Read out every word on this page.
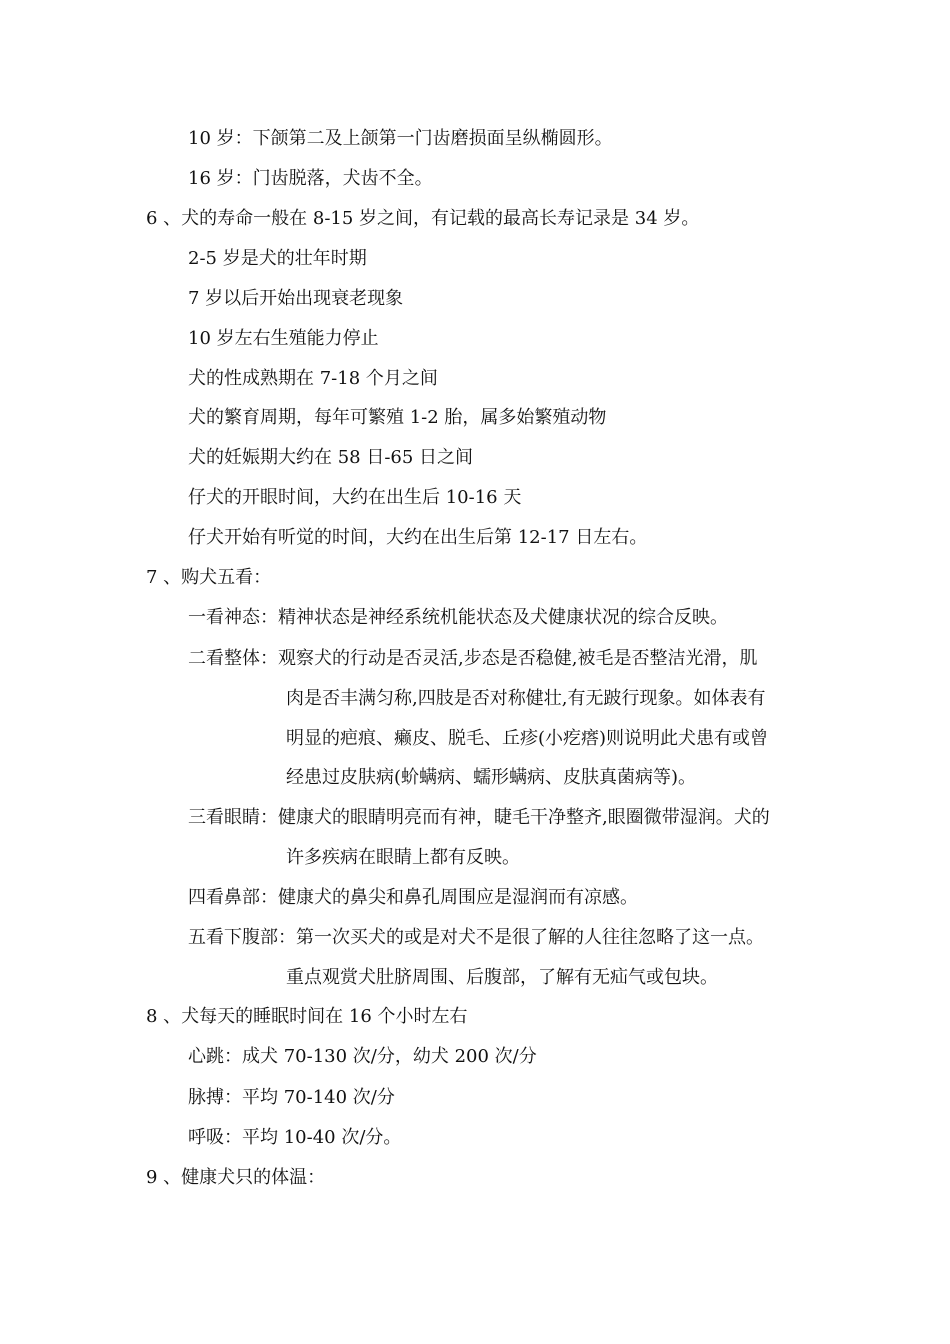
10 岁：下颌第二及上颌第一门齿磨损面呈纵椭圆形。
16 岁：门齿脱落，犬齿不全。
6 、犬的寿命一般在 8-15 岁之间，有记载的最高长寿记录是 34 岁。
2-5 岁是犬的壮年时期
7 岁以后开始出现衰老现象
10 岁左右生殖能力停止
犬的性成熟期在 7-18 个月之间
犬的繁育周期，每年可繁殖 1-2 胎，属多始繁殖动物
犬的妊娠期大约在 58 日-65 日之间
仔犬的开眼时间，大约在出生后 10-16 天
仔犬开始有听觉的时间，大约在出生后第 12-17 日左右。
7 、购犬五看：
一看神态：精神状态是神经系统机能状态及犬健康状况的综合反映。
二看整体：观察犬的行动是否灵活,步态是否稳健,被毛是否整洁光滑，肌
肉是否丰满匀称,四肢是否对称健壮,有无跛行现象。如体表有
明显的疤痕、癞皮、脱毛、丘疹(小疙瘩)则说明此犬患有或曾
经患过皮肤病(蚧螨病、蠕形螨病、皮肤真菌病等)。
三看眼睛：健康犬的眼睛明亮而有神，睫毛干净整齐,眼圈微带湿润。犬的
许多疾病在眼睛上都有反映。
四看鼻部：健康犬的鼻尖和鼻孔周围应是湿润而有凉感。
五看下腹部：第一次买犬的或是对犬不是很了解的人往往忽略了这一点。
重点观赏犬肚脐周围、后腹部，了解有无疝气或包块。
8 、犬每天的睡眠时间在 16 个小时左右
心跳：成犬 70-130 次/分，幼犬 200 次/分
脉搏：平均 70-140 次/分
呼吸：平均 10-40 次/分。
9 、健康犬只的体温：
